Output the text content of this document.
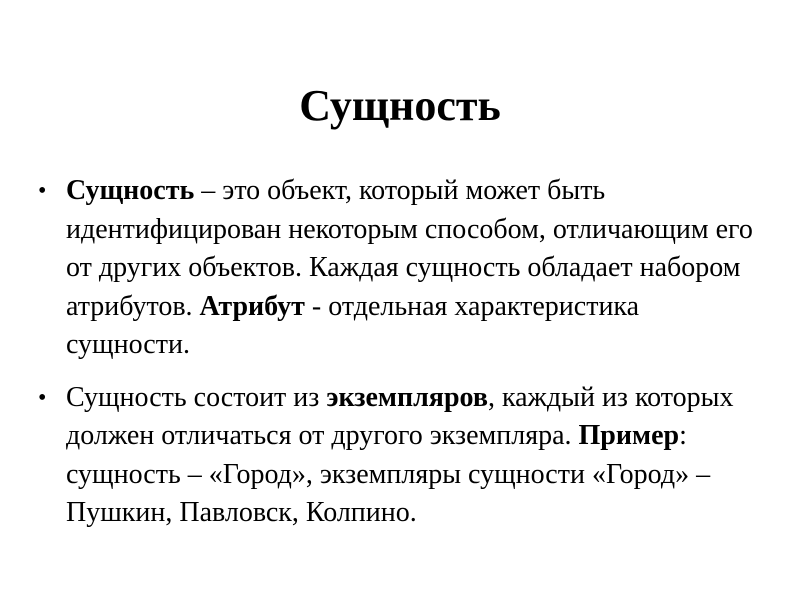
Сущность
• Сущность – это объект, который может быть идентифицирован некоторым способом, отличающим его от других объектов. Каждая сущность обладает набором атрибутов. Атрибут - отдельная характеристика сущности.
• Сущность состоит из экземпляров, каждый из которых должен отличаться от другого экземпляра. Пример: сущность – «Город», экземпляры сущности «Город» – Пушкин, Павловск, Колпино.
